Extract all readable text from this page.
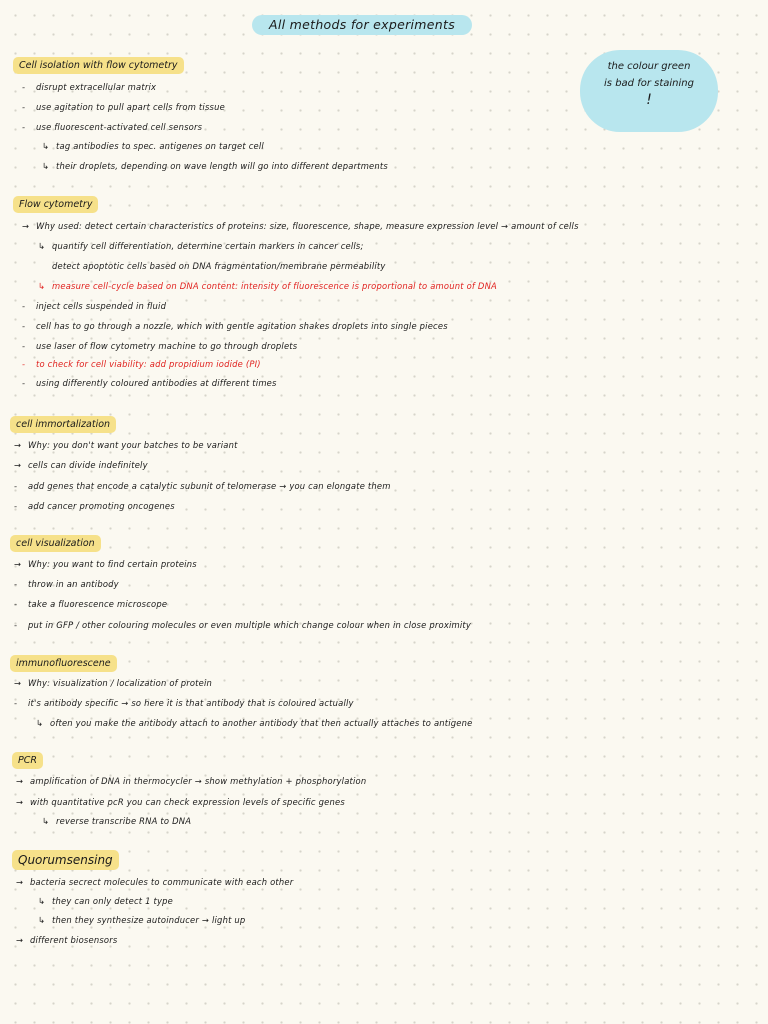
All methods for experiments
the colour green
is bad for staining
!
Cell isolation with flow cytometry
- disrupt extracellular matrix
- use agitation to pull apart cells from tissue
- use fluorescent-activated cell sensors
↳ tag antibodies to spec. antigenes on target cell
↳ their droplets, depending on wave length will go into different departments
Flow cytometry
→ Why used: detect certain characteristics of proteins: size, fluorescence, shape, measure expression level → amount of cells
↳ quantify cell differentiation, determine certain markers in cancer cells;
detect apoptotic cells based on DNA fragmentation/membrane permeability
↳ measure cell-cycle based on DNA content: intensity of fluorescence is proportional to amount of DNA
- inject cells suspended in fluid
- cell has to go through a nozzle, which with gentle agitation shakes droplets into single pieces
- use laser of flow cytometry machine to go through droplets
- to check for cell viability: add propidium iodide (PI)
- using differently coloured antibodies at different times
cell immortalization
→ Why: you don't want your batches to be variant
→ cells can divide indefinitely
- add genes that encode a catalytic subunit of telomerase → you can elongate them
- add cancer promoting oncogenes
cell visualization
→ Why: you want to find certain proteins
- throw in an antibody
- take a fluorescence microscope
- put in GFP / other colouring molecules or even multiple which change colour when in close proximity
immunofluorescene
→ Why: visualization / localization of protein
- it's antibody specific → so here it is that antibody that is coloured actually
↳ often you make the antibody attach to another antibody that then actually attaches to antigene
PCR
→ amplification of DNA in thermocycler → show methylation + phosphorylation
→ with quantitative pcR you can check expression levels of specific genes
↳ reverse transcribe RNA to DNA
Quorumsensing
→ bacteria secrect molecules to communicate with each other
↳ they can only detect 1 type
↳ then they synthesize autoinducer → light up
→ different biosensors
